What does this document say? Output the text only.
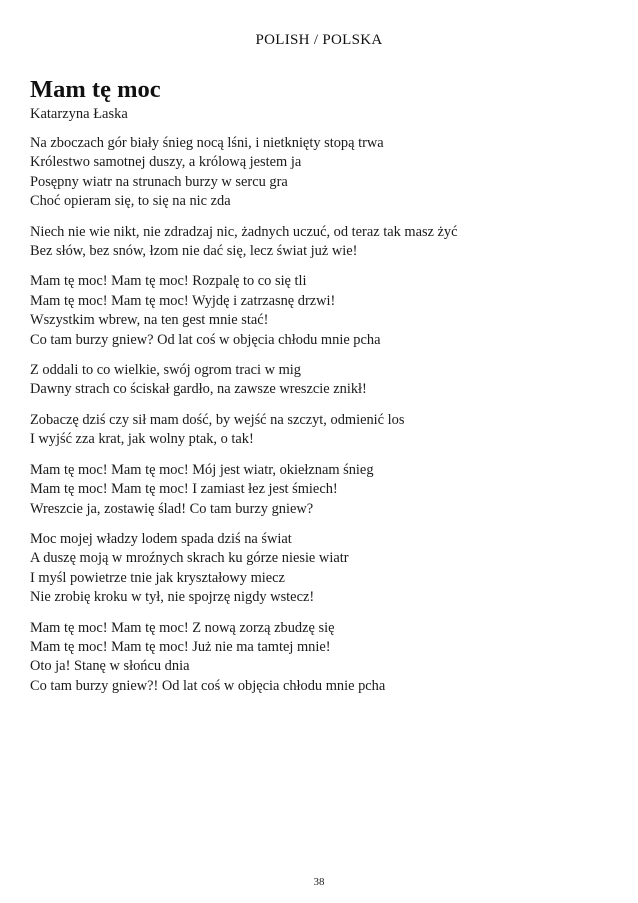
POLISH / POLSKA
Mam tę moc
Katarzyna Łaska
Na zboczach gór biały śnieg nocą lśni, i nietknięty stopą trwa
Królestwo samotnej duszy, a królową jestem ja
Posępny wiatr na strunach burzy w sercu gra
Choć opieram się, to się na nic zda
Niech nie wie nikt, nie zdradzaj nic, żadnych uczuć, od teraz tak masz żyć
Bez słów, bez snów, łzom nie dać się, lecz świat już wie!
Mam tę moc! Mam tę moc! Rozpalę to co się tli
Mam tę moc! Mam tę moc! Wyjdę i zatrzasnę drzwi!
Wszystkim wbrew, na ten gest mnie stać!
Co tam burzy gniew? Od lat coś w objęcia chłodu mnie pcha
Z oddali to co wielkie, swój ogrom traci w mig
Dawny strach co ściskał gardło, na zawsze wreszcie znikł!
Zobaczę dziś czy sił mam dość, by wejść na szczyt, odmienić los
I wyjść zza krat, jak wolny ptak, o tak!
Mam tę moc! Mam tę moc! Mój jest wiatr, okiełznam śnieg
Mam tę moc! Mam tę moc! I zamiast łez jest śmiech!
Wreszcie ja, zostawię ślad! Co tam burzy gniew?
Moc mojej władzy lodem spada dziś na świat
A duszę moją w mroźnych skrach ku górze niesie wiatr
I myśl powietrze tnie jak kryształowy miecz
Nie zrobię kroku w tył, nie spojrzę nigdy wstecz!
Mam tę moc! Mam tę moc! Z nową zorzą zbudzę się
Mam tę moc! Mam tę moc! Już nie ma tamtej mnie!
Oto ja! Stanę w słońcu dnia
Co tam burzy gniew?! Od lat coś w objęcia chłodu mnie pcha
38
